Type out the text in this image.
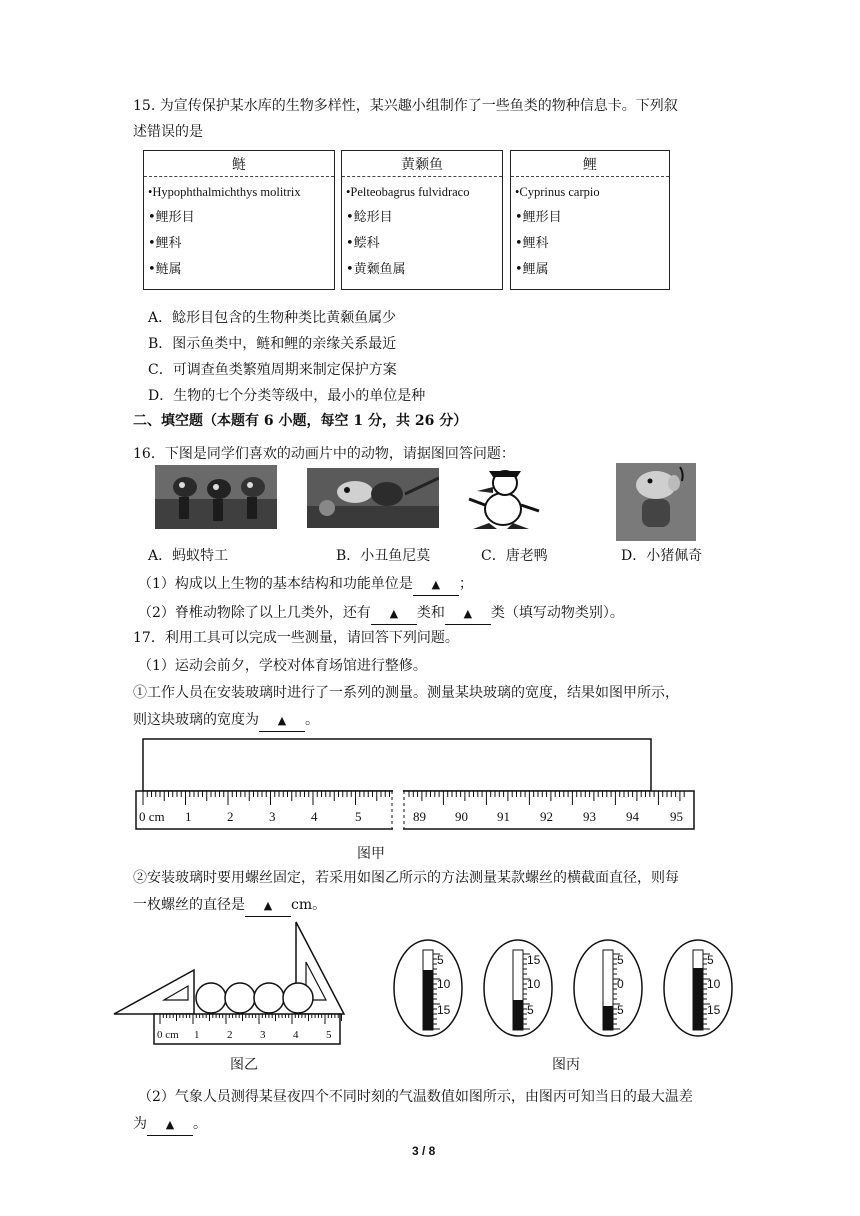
15. 为宣传保护某水库的生物多样性，某兴趣小组制作了一些鱼类的物种信息卡。下列叙
述错误的是
鲢
•Hypophthalmichthys molitrix
•鲤形目
•鲤科
•鲢属
黄颡鱼
•Pelteobagrus fulvidraco
•鲶形目
•鲿科
•黄颡鱼属
鲤
•Cyprinus carpio
•鲤形目
•鲤科
•鲤属
A．鲶形目包含的生物种类比黄颡鱼属少
B．图示鱼类中，鲢和鲤的亲缘关系最近
C．可调查鱼类繁殖周期来制定保护方案
D．生物的七个分类等级中，最小的单位是种
二、填空题（本题有 6 小题，每空 1 分，共 26 分）
16．下图是同学们喜欢的动画片中的动物，请据图回答问题：
A．蚂蚁特工	B．小丑鱼尼莫	C．唐老鸭	D．小猪佩奇
（1）构成以上生物的基本结构和功能单位是 ▲ ；
（2）脊椎动物除了以上几类外，还有 ▲ 类和 ▲ 类（填写动物类别）。
17．利用工具可以完成一些测量，请回答下列问题。
（1）运动会前夕，学校对体育场馆进行整修。
①工作人员在安装玻璃时进行了一系列的测量。测量某块玻璃的宽度，结果如图甲所示，
则这块玻璃的宽度为 ▲ 。
0 cm 1	2	3	4	5	89 90 91 92 93 94 95
图甲
②安装玻璃时要用螺丝固定，若采用如图乙所示的方法测量某款螺丝的横截面直径，则每
一枚螺丝的直径是 ▲ cm。
0 cm 1	2	3	4	5
图乙
5
10
15
15
10
5
5
0
5
5
10
15
图丙
（2）气象人员测得某昼夜四个不同时刻的气温数值如图所示，由图丙可知当日的最大温差
为 ▲ 。
3 / 8
